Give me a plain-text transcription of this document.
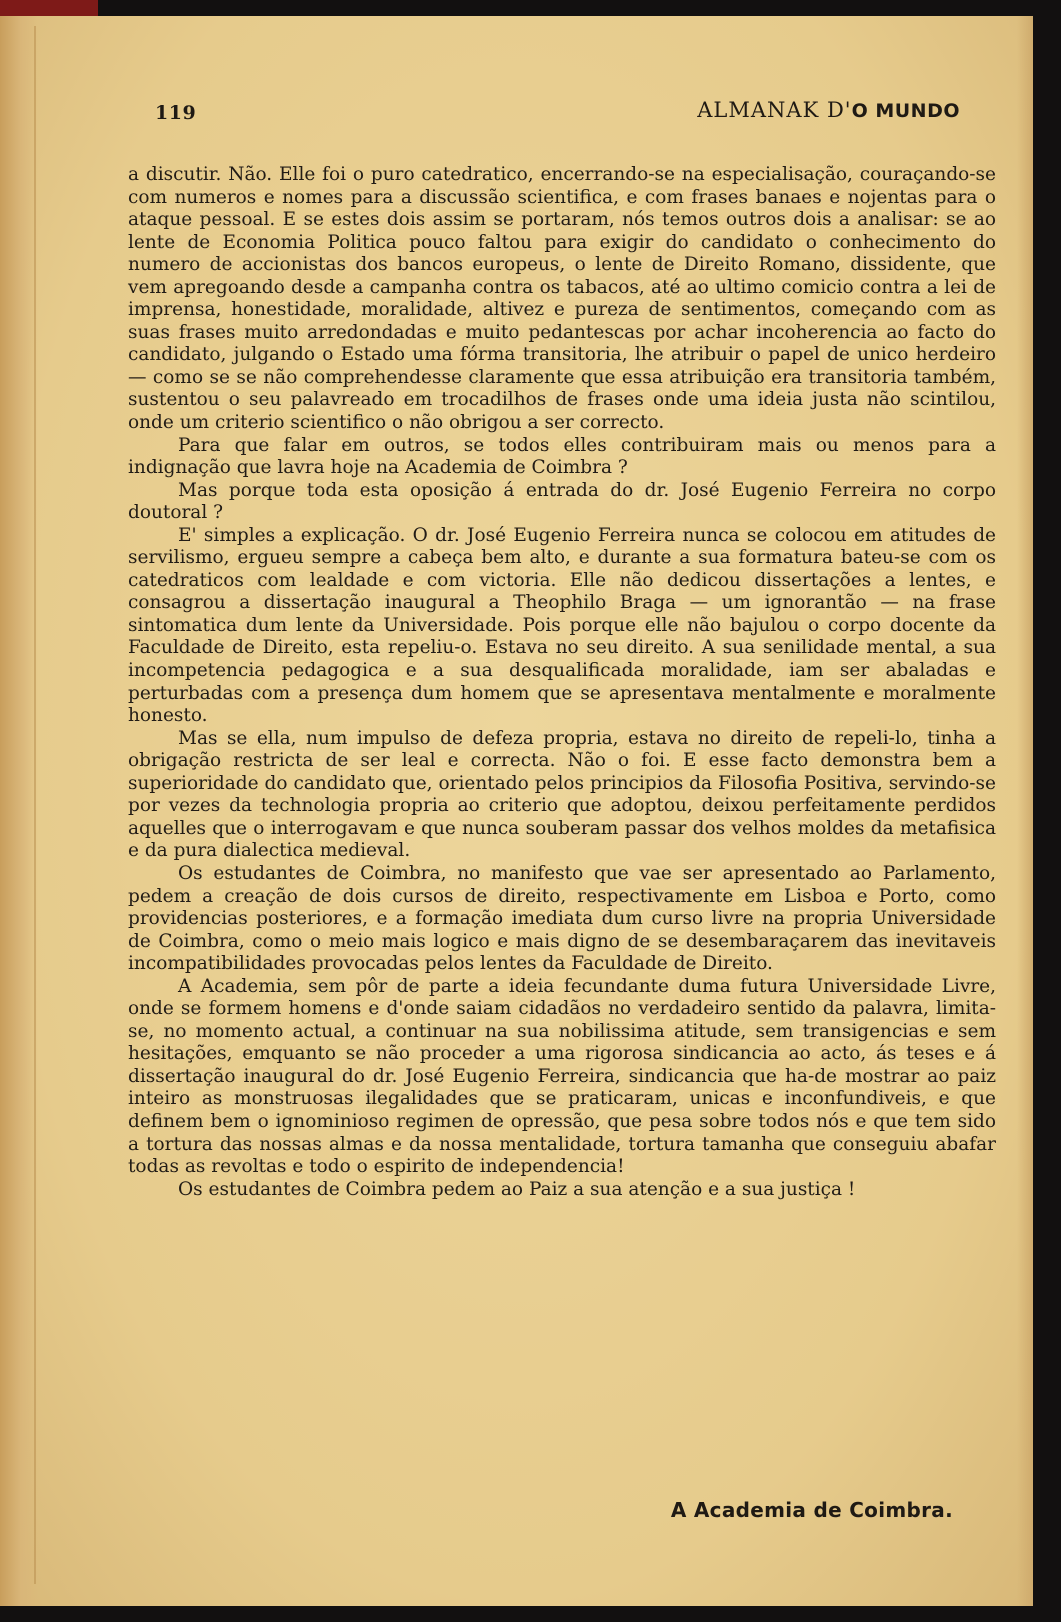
119	ALMANAK D'O MUNDO

a discutir. Não. Elle foi o puro catedratico, encerrando-se na especialisação, couraçando-se com numeros e nomes para a discussão scientifica, e com frases banaes e nojentas para o ataque pessoal. E se estes dois assim se portaram, nós temos outros dois a analisar: se ao lente de Economia Politica pouco faltou para exigir do candidato o conhecimento do numero de accionistas dos bancos europeus, o lente de Direito Romano, dissidente, que vem apregoando desde a campanha contra os tabacos, até ao ultimo comicio contra a lei de imprensa, honestidade, moralidade, altivez e pureza de sentimentos, começando com as suas frases muito arredondadas e muito pedantescas por achar incoherencia ao facto do candidato, julgando o Estado uma fórma transitoria, lhe atribuir o papel de unico herdeiro — como se se não comprehendesse claramente que essa atribuição era transitoria também, sustentou o seu palavreado em trocadilhos de frases onde uma ideia justa não scintilou, onde um criterio scientifico o não obrigou a ser correcto.

Para que falar em outros, se todos elles contribuiram mais ou menos para a indignação que lavra hoje na Academia de Coimbra ?

Mas porque toda esta oposição á entrada do dr. José Eugenio Ferreira no corpo doutoral ?

E' simples a explicação. O dr. José Eugenio Ferreira nunca se colocou em atitudes de servilismo, ergueu sempre a cabeça bem alto, e durante a sua formatura bateu-se com os catedraticos com lealdade e com victoria. Elle não dedicou dissertações a lentes, e consagrou a dissertação inaugural a Theophilo Braga — um ignorantão — na frase sintomatica dum lente da Universidade. Pois porque elle não bajulou o corpo docente da Faculdade de Direito, esta repeliu-o. Estava no seu direito. A sua senilidade mental, a sua incompetencia pedagogica e a sua desqualificada moralidade, iam ser abaladas e perturbadas com a presença dum homem que se apresentava mentalmente e moralmente honesto.

Mas se ella, num impulso de defeza propria, estava no direito de repeli-lo, tinha a obrigação restricta de ser leal e correcta. Não o foi. E esse facto demonstra bem a superioridade do candidato que, orientado pelos principios da Filosofia Positiva, servindo-se por vezes da technologia propria ao criterio que adoptou, deixou perfeitamente perdidos aquelles que o interrogavam e que nunca souberam passar dos velhos moldes da metafisica e da pura dialectica medieval.

Os estudantes de Coimbra, no manifesto que vae ser apresentado ao Parlamento, pedem a creação de dois cursos de direito, respectivamente em Lisboa e Porto, como providencias posteriores, e a formação imediata dum curso livre na propria Universidade de Coimbra, como o meio mais logico e mais digno de se desembaraçarem das inevitaveis incompatibilidades provocadas pelos lentes da Faculdade de Direito.

A Academia, sem pôr de parte a ideia fecundante duma futura Universidade Livre, onde se formem homens e d'onde saiam cidadãos no verdadeiro sentido da palavra, limita-se, no momento actual, a continuar na sua nobilissima atitude, sem transigencias e sem hesitações, emquanto se não proceder a uma rigorosa sindicancia ao acto, ás teses e á dissertação inaugural do dr. José Eugenio Ferreira, sindicancia que ha-de mostrar ao paiz inteiro as monstruosas ilegalidades que se praticaram, unicas e inconfundiveis, e que definem bem o ignominioso regimen de opressão, que pesa sobre todos nós e que tem sido a tortura das nossas almas e da nossa mentalidade, tortura tamanha que conseguiu abafar todas as revoltas e todo o espirito de independencia!

Os estudantes de Coimbra pedem ao Paiz a sua atenção e a sua justiça !

A Academia de Coimbra.
